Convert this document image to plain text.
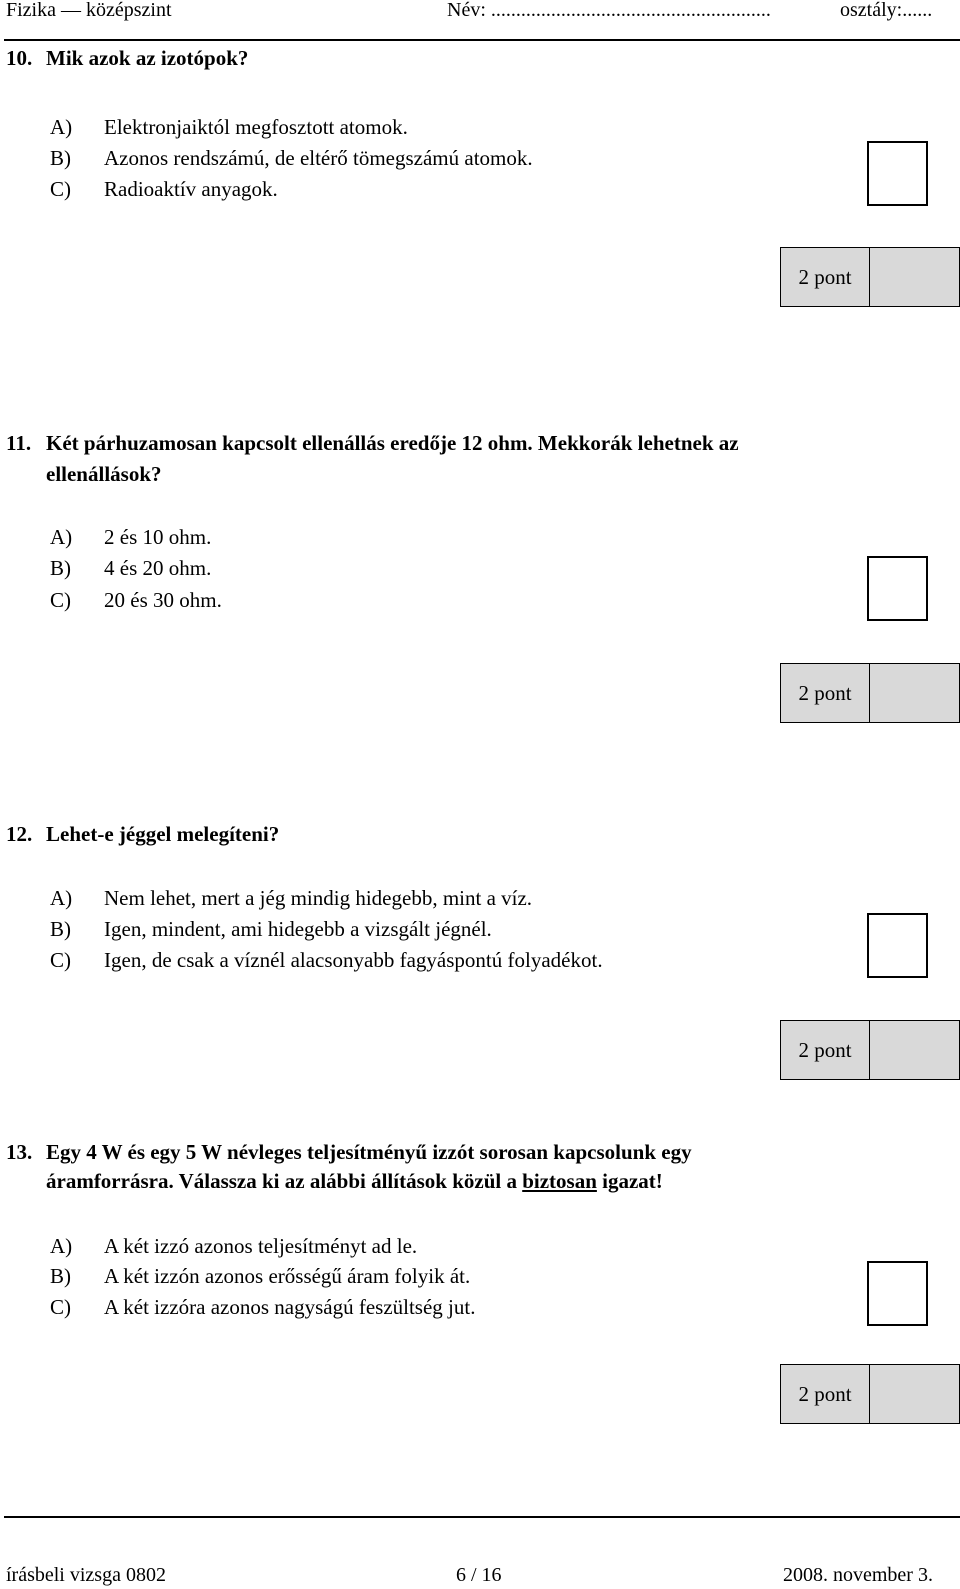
Fizika — középszint	Név: ........................................................	osztály:......
10. Mik azok az izotópok?
A) Elektronjaiktól megfosztott atomok.
B) Azonos rendszámú, de eltérő tömegszámú atomok.
C) Radioaktív anyagok.
2 pont
11. Két párhuzamosan kapcsolt ellenállás eredője 12 ohm. Mekkorák lehetnek az
ellenállások?
A) 2 és 10 ohm.
B) 4 és 20 ohm.
C) 20 és 30 ohm.
2 pont
12. Lehet-e jéggel melegíteni?
A) Nem lehet, mert a jég mindig hidegebb, mint a víz.
B) Igen, mindent, ami hidegebb a vizsgált jégnél.
C) Igen, de csak a víznél alacsonyabb fagyáspontú folyadékot.
2 pont
13. Egy 4 W és egy 5 W névleges teljesítményű izzót sorosan kapcsolunk egy
áramforrásra. Válassza ki az alábbi állítások közül a biztosan igazat!
A) A két izzó azonos teljesítményt ad le.
B) A két izzón azonos erősségű áram folyik át.
C) A két izzóra azonos nagyságú feszültség jut.
2 pont
írásbeli vizsga 0802	6 / 16	2008. november 3.
